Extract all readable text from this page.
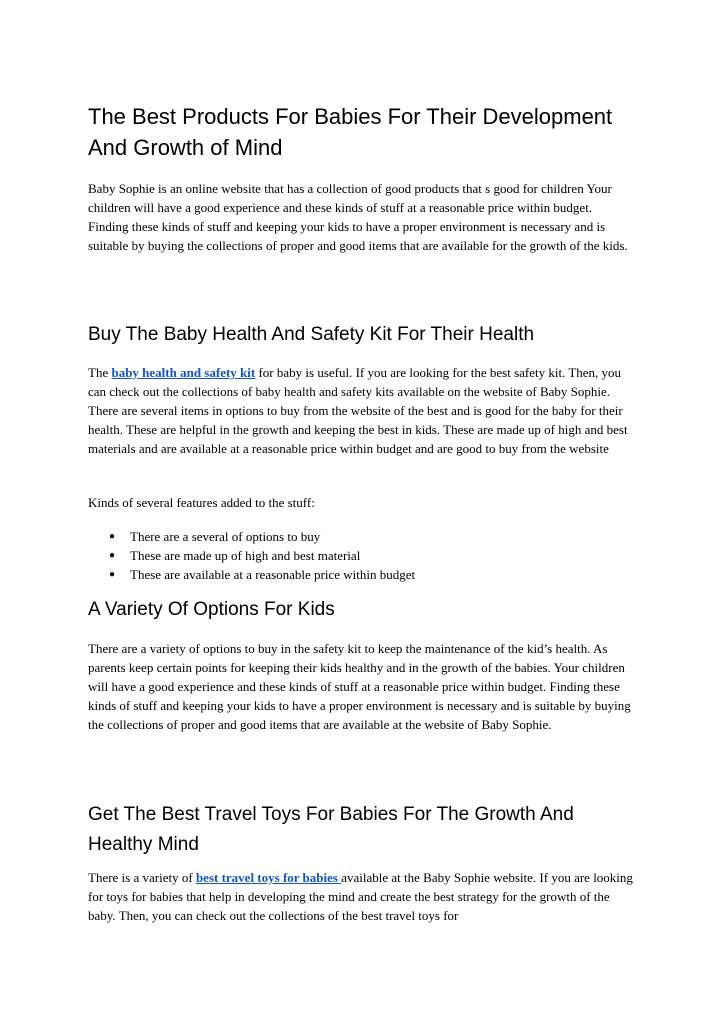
The Best Products For Babies For Their Development And Growth of Mind

Baby Sophie is an online website that has a collection of good products that s good for children Your children will have a good experience and these kinds of stuff at a reasonable price within budget. Finding these kinds of stuff and keeping your kids to have a proper environment is necessary and is suitable by buying the collections of proper and good items that are available for the growth of the kids.

Buy The Baby Health And Safety Kit For Their Health

The baby health and safety kit for baby is useful. If you are looking for the best safety kit. Then, you can check out the collections of baby health and safety kits available on the website of Baby Sophie. There are several items in options to buy from the website of the best and is good for the baby for their health. These are helpful in the growth and keeping the best in kids. These are made up of high and best materials and are available at a reasonable price within budget and are good to buy from the website

Kinds of several features added to the stuff:

● There are a several of options to buy
● These are made up of high and best material
● These are available at a reasonable price within budget
A Variety Of Options For Kids

There are a variety of options to buy in the safety kit to keep the maintenance of the kid’s health. As parents keep certain points for keeping their kids healthy and in the growth of the babies. Your children will have a good experience and these kinds of stuff at a reasonable price within budget. Finding these kinds of stuff and keeping your kids to have a proper environment is necessary and is suitable by buying the collections of proper and good items that are available at the website of Baby Sophie.

Get The Best Travel Toys For Babies For The Growth And Healthy Mind

There is a variety of best travel toys for babies available at the Baby Sophie website. If you are looking for toys for babies that help in developing the mind and create the best strategy for the growth of the baby. Then, you can check out the collections of the best travel toys for
